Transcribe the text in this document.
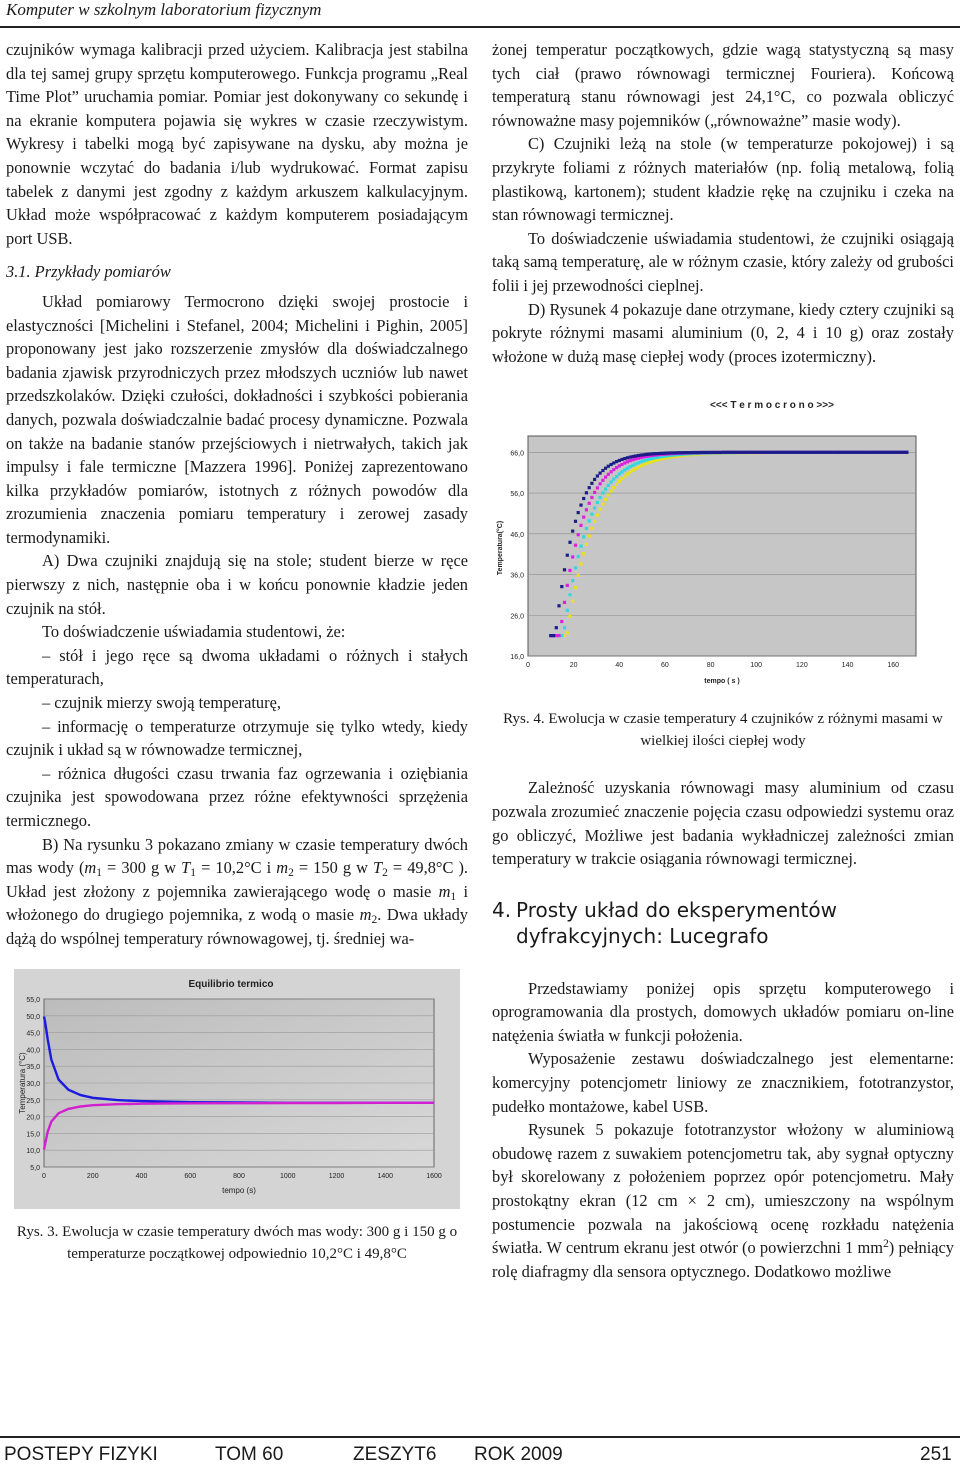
Komputer w szkolnym laboratorium fizycznym

czujników wymaga kalibracji przed użyciem. Kalibracja jest stabilna dla tej samej grupy sprzętu komputerowego. Funkcja programu „Real Time Plot” uruchamia pomiar. Pomiar jest dokonywany co sekundę i na ekranie komputera pojawia się wykres w czasie rzeczywistym. Wykresy i tabelki mogą być zapisywane na dysku, aby można je ponownie wczytać do badania i/lub wydrukować. Format zapisu tabelek z danymi jest zgodny z każdym arkuszem kalkulacyjnym. Układ może współpracować z każdym komputerem posiadającym port USB.

3.1. Przykłady pomiarów

Układ pomiarowy Termocrono dzięki swojej prostocie i elastyczności [Michelini i Stefanel, 2004; Michelini i Pighin, 2005] proponowany jest jako rozszerzenie zmysłów dla doświadczalnego badania zjawisk przyrodniczych przez młodszych uczniów lub nawet przedszkolaków. Dzięki czułości, dokładności i szybkości pobierania danych, pozwala doświadczalnie badać procesy dynamiczne. Pozwala on także na badanie stanów przejściowych i nietrwałych, takich jak impulsy i fale termiczne [Mazzera 1996]. Poniżej zaprezentowano kilka przykładów pomiarów, istotnych z różnych powodów dla zrozumienia znaczenia pomiaru temperatury i zerowej zasady termodynamiki.

A) Dwa czujniki znajdują się na stole; student bierze w ręce pierwszy z nich, następnie oba i w końcu ponownie kładzie jeden czujnik na stół.

To doświadczenie uświadamia studentowi, że:

– stół i jego ręce są dwoma układami o różnych i stałych temperaturach,

– czujnik mierzy swoją temperaturę,

– informację o temperaturze otrzymuje się tylko wtedy, kiedy czujnik i układ są w równowadze termicznej,

– różnica długości czasu trwania faz ogrzewania i oziębiania czujnika jest spowodowana przez różne efektywności sprzężenia termicznego.

B) Na rysunku 3 pokazano zmiany w czasie temperatury dwóch mas wody ($m_1 = 300$ g w $T_1 = 10,2^\circ C$ i $m_2 = 150$ g w $T_2 = 49,8^\circ C$ ). Układ jest złożony z pojemnika zawierającego wodę o masie $m_1$ i włożonego do drugiego pojemnika, z wodą o masie $m_2$. Dwa układy dążą do wspólnej temperatury równowagowej, tj. średniej wa-

Equilibrio termico
5,0
10,0
15,0
20,0
25,0
30,0
35,0
40,0
45,0
50,0
55,0
0	200	400	600	800	1000	1200	1400	1600
Temperatura (°C)
tempo (s)
Rys. 3. Ewolucja w czasie temperatury dwóch mas wody: 300 g i 150 g o temperaturze początkowej odpowiednio 10,2°C i 49,8°C

żonej temperatur początkowych, gdzie wagą statystyczną są masy tych ciał (prawo równowagi termicznej Fouriera). Końcową temperaturą stanu równowagi jest 24,1°C, co pozwala obliczyć równoważne masy pojemników („równoważne” masie wody).

C) Czujniki leżą na stole (w temperaturze pokojowej) i są przykryte foliami z różnych materiałów (np. folią metalową, folią plastikową, kartonem); student kładzie rękę na czujniku i czeka na stan równowagi termicznej.

To doświadczenie uświadamia studentowi, że czujniki osiągają taką samą temperaturę, ale w różnym czasie, który zależy od grubości folii i jej przewodności cieplnej.

D) Rysunek 4 pokazuje dane otrzymane, kiedy cztery czujniki są pokryte różnymi masami aluminium (0, 2, 4 i 10 g) oraz zostały włożone w dużą masę ciepłej wody (proces izotermiczny).

<<< T e r m o c r o n o >>>
16,0
26,0
36,0
46,0
56,0
66,0
0	20	40	60	80	100	120	140	160
Temperatura(°C)
tempo ( s )
Rys. 4. Ewolucja w czasie temperatury 4 czujników z różnymi masami w wielkiej ilości ciepłej wody

Zależność uzyskania równowagi masy aluminium od czasu pozwala zrozumieć znaczenie pojęcia czasu odpowiedzi systemu oraz go obliczyć, Możliwe jest badania wykładniczej zależności zmian temperatury w trakcie osiągania równowagi termicznej.

4. Prosty układ do eksperymentów
dyfrakcyjnych: Lucegrafo

Przedstawiamy poniżej opis sprzętu komputerowego i oprogramowania dla prostych, domowych układów pomiaru on-line natężenia światła w funkcji położenia.

Wyposażenie zestawu doświadczalnego jest elementarne: komercyjny potencjometr liniowy ze znacznikiem, fototranzystor, pudełko montażowe, kabel USB.

Rysunek 5 pokazuje fototranzystor włożony w aluminiową obudowę razem z suwakiem potencjometru tak, aby sygnał optyczny był skorelowany z położeniem poprzez opór potencjometru. Mały prostokątny ekran (12 cm × 2 cm), umieszczony na wspólnym postumencie pozwala na jakościową ocenę rozkładu natężenia światła. W centrum ekranu jest otwór (o powierzchni 1 $mm^2$) pełniący rolę diafragmy dla sensora optycznego. Dodatkowo możliwe

POSTEPY FIZYKI	TOM 60	ZESZYT6 ROK 2009	251
